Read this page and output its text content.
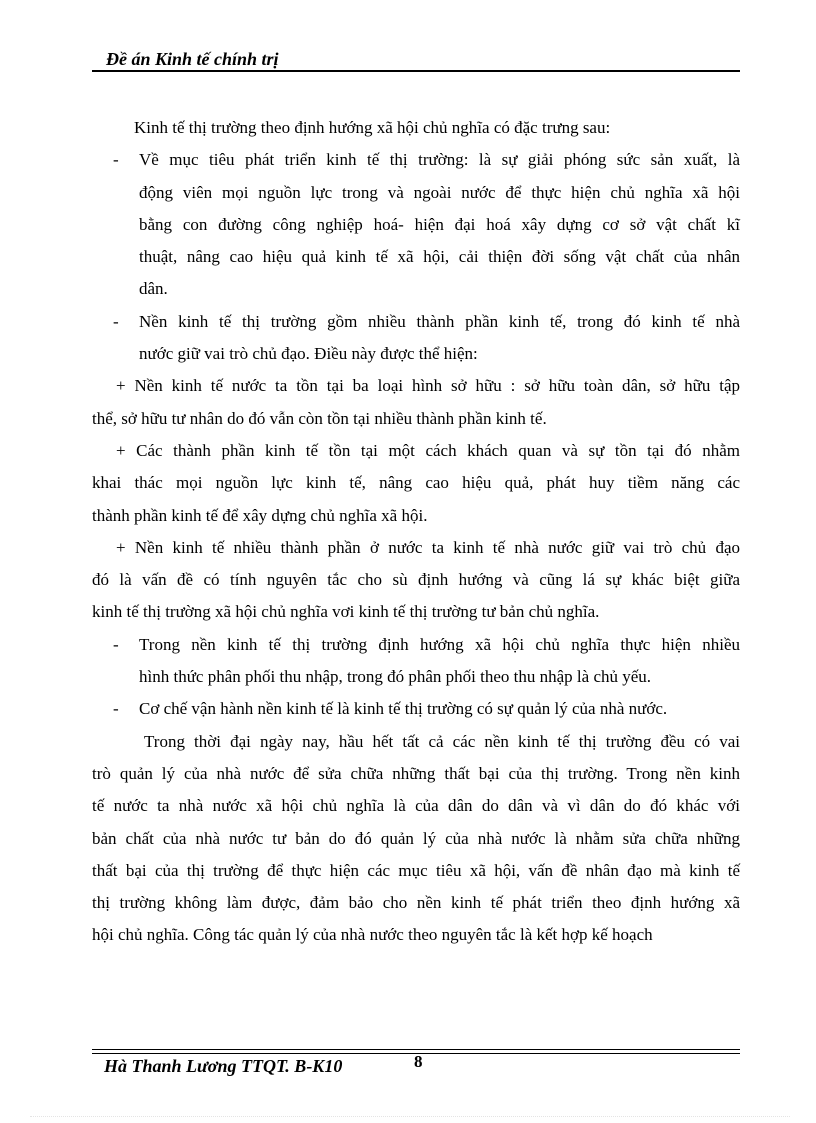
Đề án Kinh tế chính trị
Kinh tế thị trường theo định hướng xã hội chủ nghĩa có đặc trưng sau:
- Về mục tiêu phát triển kinh tế thị trường: là sự giải phóng sức sản xuất, là
động viên mọi nguồn lực trong và ngoài nước để thực hiện chủ nghĩa xã hội
bằng con đường công nghiệp hoá- hiện đại hoá xây dựng cơ sở vật chất kĩ
thuật, nâng cao hiệu quả kinh tế xã hội, cải thiện đời sống vật chất của nhân
dân.
- Nền kinh tế thị trường gồm nhiều thành phần kinh tế, trong đó kinh tế nhà
nước giữ vai trò chủ đạo. Điều này được thể hiện:
+ Nền kinh tế nước ta tồn tại ba loại hình sở hữu : sở hữu toàn dân, sở hữu tập
thể, sở hữu tư nhân do đó vẫn còn tồn tại nhiều thành phần kinh tế.
+ Các thành phần kinh tế tồn tại một cách khách quan và sự tồn tại đó nhằm
khai thác mọi nguồn lực kinh tế, nâng cao hiệu quả, phát huy tiềm năng các
thành phần kinh tế để xây dựng chủ nghĩa xã hội.
+ Nền kinh tế nhiều thành phần ở nước ta kinh tế nhà nước giữ vai trò chủ đạo
đó là vấn đề có tính nguyên tắc cho sù định hướng và cũng lá sự khác biệt giữa
kinh tế thị trường xã hội chủ nghĩa vơi kinh tế thị trường tư bản chủ nghĩa.
- Trong nền kinh tế thị trường định hướng xã hội chủ nghĩa thực hiện nhiều
hình thức phân phối thu nhập, trong đó phân phối theo thu nhập là chủ yếu.
- Cơ chế vận hành nền kinh tế là kinh tế thị trường có sự quản lý của nhà nước.
Trong thời đại ngày nay, hầu hết tất cả các nền kinh tế thị trường đều có vai
trò quản lý của nhà nước để sửa chữa những thất bại của thị trường. Trong nền kinh
tế nước ta nhà nước xã hội chủ nghĩa là của dân do dân và vì dân do đó khác với
bản chất của nhà nước tư bản do đó quản lý của nhà nước là nhằm sửa chữa những
thất bại của thị trường để thực hiện các mục tiêu xã hội, vấn đề nhân đạo mà kinh tế
thị trường không làm được, đảm bảo cho nền kinh tế phát triển theo định hướng xã
hội chủ nghĩa. Công tác quản lý của nhà nước theo nguyên tắc là kết hợp kế hoạch
Hà Thanh Lương TTQT. B-K10	8
